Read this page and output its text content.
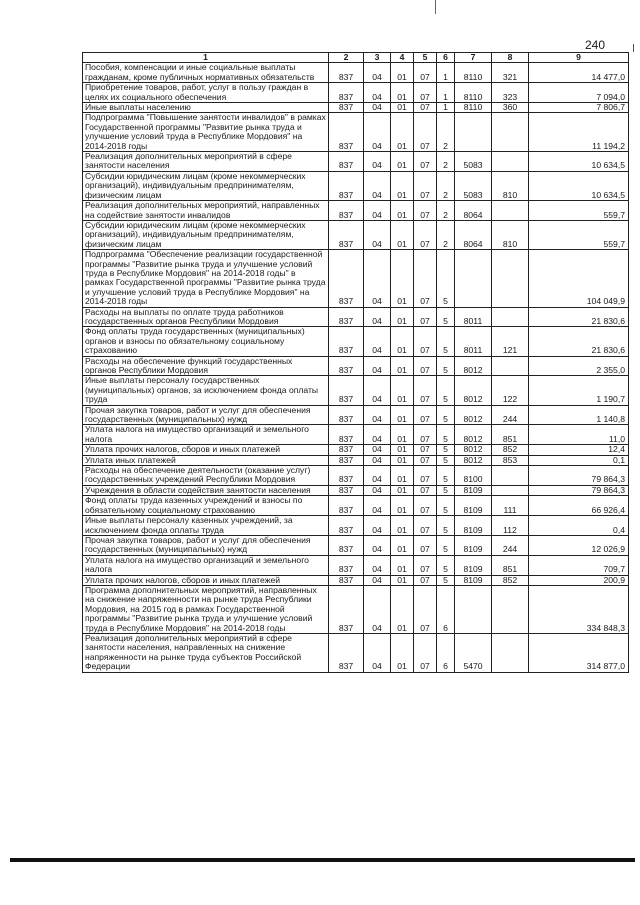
240
1	2	3	4	5	6	7	8	9
Пособия, компенсации и иные социальные выплаты гражданам, кроме публичных нормативных обязательств	837	04	01	07	1	8110	321	14 477,0
Приобретение товаров, работ, услуг в пользу граждан в целях их социального обеспечения	837	04	01	07	1	8110	323	7 094,0
Иные выплаты населению	837	04	01	07	1	8110	360	7 806,7
Подпрограмма "Повышение занятости инвалидов" в рамках Государственной программы "Развитие рынка труда и улучшение условий труда в Республике Мордовия" на 2014-2018 годы	837	04	01	07	2			11 194,2
Реализация дополнительных мероприятий в сфере занятости населения	837	04	01	07	2	5083		10 634,5
Субсидии юридическим лицам (кроме некоммерческих организаций), индивидуальным предпринимателям, физическим лицам	837	04	01	07	2	5083	810	10 634,5
Реализация дополнительных мероприятий, направленных на содействие занятости инвалидов	837	04	01	07	2	8064		559,7
Субсидии юридическим лицам (кроме некоммерческих организаций), индивидуальным предпринимателям, физическим лицам	837	04	01	07	2	8064	810	559,7
Подпрограмма "Обеспечение реализации государственной программы "Развитие рынка труда и улучшение условий труда в Республике Мордовия" на 2014-2018 годы" в рамках Государственной программы "Развитие рынка труда и улучшение условий труда в Республике Мордовия" на 2014-2018 годы	837	04	01	07	5			104 049,9
Расходы на выплаты по оплате труда работников государственных органов Республики Мордовия	837	04	01	07	5	8011		21 830,6
Фонд оплаты труда государственных (муниципальных) органов и взносы по обязательному социальному страхованию	837	04	01	07	5	8011	121	21 830,6
Расходы на обеспечение функций государственных органов Республики Мордовия	837	04	01	07	5	8012		2 355,0
Иные выплаты персоналу государственных (муниципальных) органов, за исключением фонда оплаты труда	837	04	01	07	5	8012	122	1 190,7
Прочая закупка товаров, работ и услуг для обеспечения государственных (муниципальных) нужд	837	04	01	07	5	8012	244	1 140,8
Уплата налога на имущество организаций и земельного налога	837	04	01	07	5	8012	851	11,0
Уплата прочих налогов, сборов и иных платежей	837	04	01	07	5	8012	852	12,4
Уплата иных платежей	837	04	01	07	5	8012	853	0,1
Расходы на обеспечение деятельности (оказание услуг) государственных учреждений Республики Мордовия	837	04	01	07	5	8100		79 864,3
Учреждения в области содействия занятости населения	837	04	01	07	5	8109		79 864,3
Фонд оплаты труда казенных учреждений и взносы по обязательному социальному страхованию	837	04	01	07	5	8109	111	66 926,4
Иные выплаты персоналу казенных учреждений, за исключением фонда оплаты труда	837	04	01	07	5	8109	112	0,4
Прочая закупка товаров, работ и услуг для обеспечения государственных (муниципальных) нужд	837	04	01	07	5	8109	244	12 026,9
Уплата налога на имущество организаций и земельного налога	837	04	01	07	5	8109	851	709,7
Уплата прочих налогов, сборов и иных платежей	837	04	01	07	5	8109	852	200,9
Программа дополнительных мероприятий, направленных на снижение напряженности на рынке труда Республики Мордовия, на 2015 год в рамках Государственной программы "Развитие рынка труда и улучшение условий труда в Республике Мордовия" на 2014-2018 годы	837	04	01	07	6			334 848,3
Реализация дополнительных мероприятий в сфере занятости населения, направленных на снижение напряженности на рынке труда субъектов Российской Федерации	837	04	01	07	6	5470		314 877,0
